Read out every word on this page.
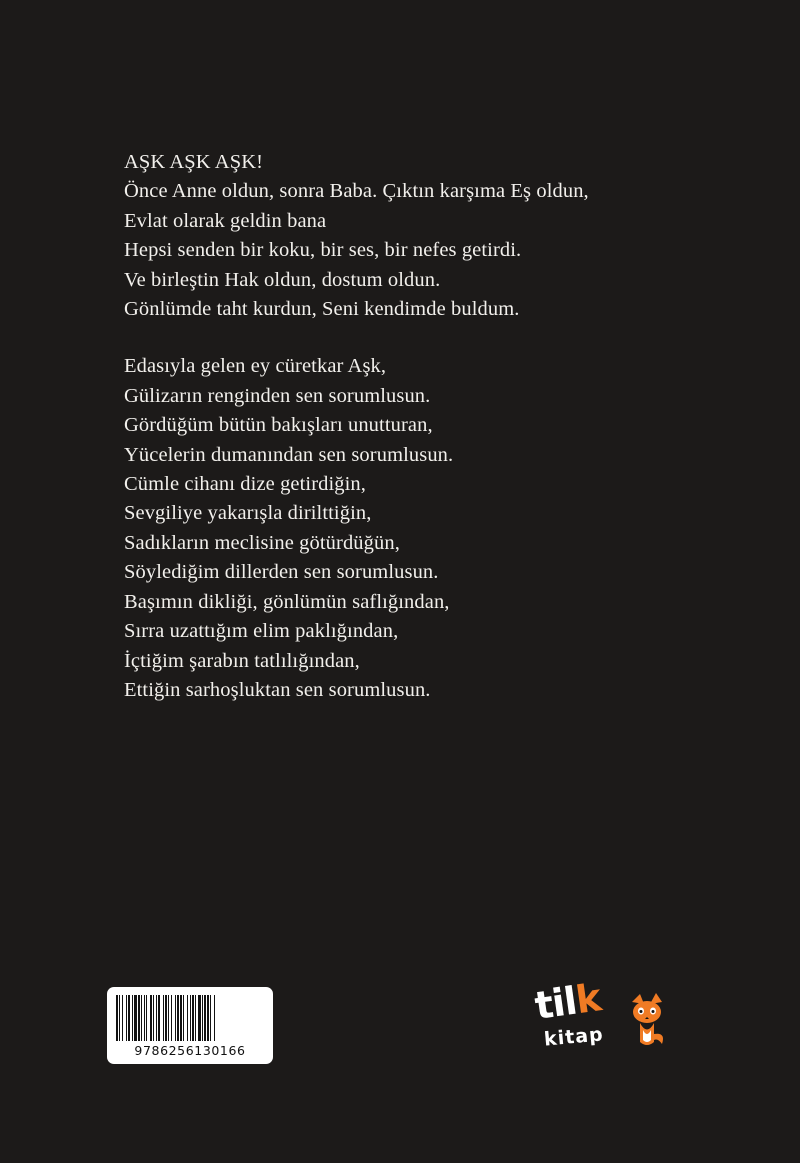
AŞK AŞK AŞK!
Önce Anne oldun, sonra Baba. Çıktın karşıma Eş oldun,
Evlat olarak geldin bana
Hepsi senden bir koku, bir ses, bir nefes getirdi.
Ve birleştin Hak oldun, dostum oldun.
Gönlümde taht kurdun, Seni kendimde buldum.

Edasıyla gelen ey cüretkar Aşk,
Gülizarın renginden sen sorumlusun.
Gördüğüm bütün bakışları unutturan,
Yücelerin dumanından sen sorumlusun.
Cümle cihanı dize getirdiğin,
Sevgiliye yakarışla dirilttiğin,
Sadıkların meclisine götürdüğün,
Söylediğim dillerden sen sorumlusun.
Başımın dikliği, gönlümün saflığından,
Sırra uzattığım elim paklığından,
İçtiğim şarabın tatlılığından,
Ettiğin sarhoşluktan sen sorumlusun.

9786256130166
tilk
kitap
